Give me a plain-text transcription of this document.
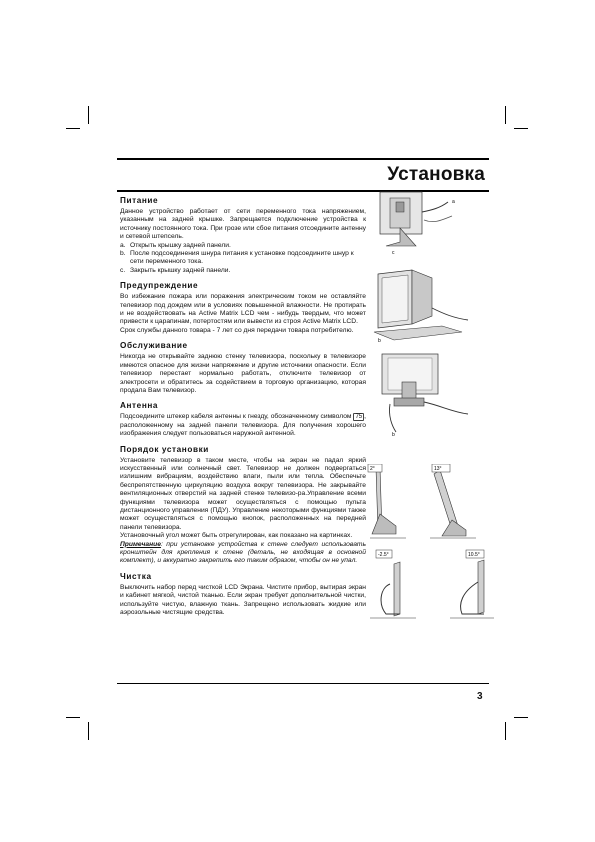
Установка
Питание

Данное устройство работает от сети переменного тока напряжением, указанным на задней крышке. Запрещается подключение устройства к источнику постоянного тока. При грозе или сбое питания отсоедините антенну и сетевой штепсель.

a. Открыть крышку задней панели.
b. После подсоединения шнура питания к установке подсоедините шнур к сети переменного тока.
c. Закрыть крышку задней панели.
Предупреждение

Во избежание пожара или поражения электрическим током не оставляйте телевизор под дождем или в условиях повышенной влажности. Не протирать и не воздействовать на Active Matrix LCD чем - нибудь твердым, что может привести к царапинам, потертостям или вывести из строя Active Matrix LCD.

Срок службы данного товара - 7 лет со дня передачи товара потребителю.

Обслуживание

Никогда не открывайте заднюю стенку телевизора, поскольку в телевизоре имеются опасное для жизни напряжение и другие источники опасности. Если телевизор перестает нормально работать, отключите телевизор от электросети и обратитесь за содействием в торговую организацию, которая продала Вам телевизор.

Антенна

Подсоедините штекер кабеля антенны к гнезду, обозначенному символом 75 , расположенному на задней панели телевизора. Для получения хорошего изображения следует пользоваться наружной антенной.

Порядок установки

Установите телевизор в таком месте, чтобы на экран не падал яркий искусственный или солнечный свет. Телевизор не должен подвергаться излишним вибрациям, воздействию влаги, пыли или тепла. Обеспечьте беспрепятственную циркуляцию воздуха вокруг телевизора. Не закрывайте вентиляционных отверстий на задней стенке телевизо-ра.Управление всеми функциями телевизора может осуществляться с помощью пульта дистанционного управления (ПДУ). Управление некоторыми функциями также может осуществляться с помощью кнопок, расположенных на передней панели телевизора.

Установочный угол может быть отрегулирован, как показано на картинках.

Примечание: при установке устройства к стене следует использовать кронштейн для крепления к стене (деталь, не входящая в основной комплект), и аккуратно закрепить его таким образом, чтобы он не упал.

Чистка

Выключить набор перед чисткой LCD Экрана. Чистите прибор, вытирая экран и кабинет мягкой, чистой тканью. Если экран требует дополнительной чистки, используйте чистую, влажную ткань. Запрещено использовать жидкие или аэрозольные чистящие средства.

a
c
b
b
2°	13°
-2.5°	10.5°
3
